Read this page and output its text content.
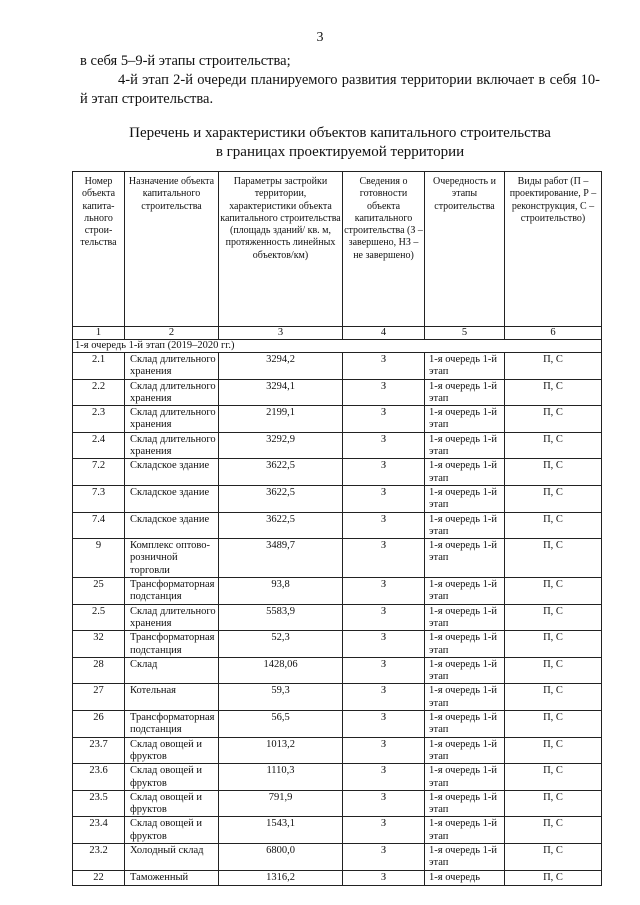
3

в себя 5–9-й этапы строительства;

4-й этап 2-й очереди планируемого развития территории включает в себя 10-й этап строительства.

Перечень и характеристики объектов капитального строительства
в границах проектируемой территории
Номер объекта капита-льного строи-тельства	Назначение объекта капитального строительства	Параметры застройки территории, характеристики объекта капитального строительства (площадь зданий/ кв. м, протяженность линейных объектов/км)	Сведения о готовности объекта капитального строительства (З – завершено, НЗ – не завершено)	Очередность и этапы строительства	Виды работ (П – проектирование, Р – реконструкция, С – строительство)
1	2	3	4	5	6
1-я очередь 1-й этап (2019–2020 гг.)					
2.1	Склад длительного хранения	3294,2	З	1-я очередь 1-й этап	П, С
2.2	Склад длительного хранения	3294,1	З	1-я очередь 1-й этап	П, С
2.3	Склад длительного хранения	2199,1	З	1-я очередь 1-й этап	П, С
2.4	Склад длительного хранения	3292,9	З	1-я очередь 1-й этап	П, С
7.2	Складское здание	3622,5	З	1-я очередь 1-й этап	П, С
7.3	Складское здание	3622,5	З	1-я очередь 1-й этап	П, С
7.4	Складское здание	3622,5	З	1-я очередь 1-й этап	П, С
9	Комплекс оптово-розничной торговли	3489,7	З	1-я очередь 1-й этап	П, С
25	Трансформаторная подстанция	93,8	З	1-я очередь 1-й этап	П, С
2.5	Склад длительного хранения	5583,9	З	1-я очередь 1-й этап	П, С
32	Трансформаторная подстанция	52,3	З	1-я очередь 1-й этап	П, С
28	Склад	1428,06	З	1-я очередь 1-й этап	П, С
27	Котельная	59,3	З	1-я очередь 1-й этап	П, С
26	Трансформаторная подстанция	56,5	З	1-я очередь 1-й этап	П, С
23.7	Склад овощей и фруктов	1013,2	З	1-я очередь 1-й этап	П, С
23.6	Склад овощей и фруктов	1110,3	З	1-я очередь 1-й этап	П, С
23.5	Склад овощей и фруктов	791,9	З	1-я очередь 1-й этап	П, С
23.4	Склад овощей и фруктов	1543,1	З	1-я очередь 1-й этап	П, С
23.2	Холодный склад	6800,0	З	1-я очередь 1-й этап	П, С
22	Таможенный	1316,2	З	1-я очередь	П, С
